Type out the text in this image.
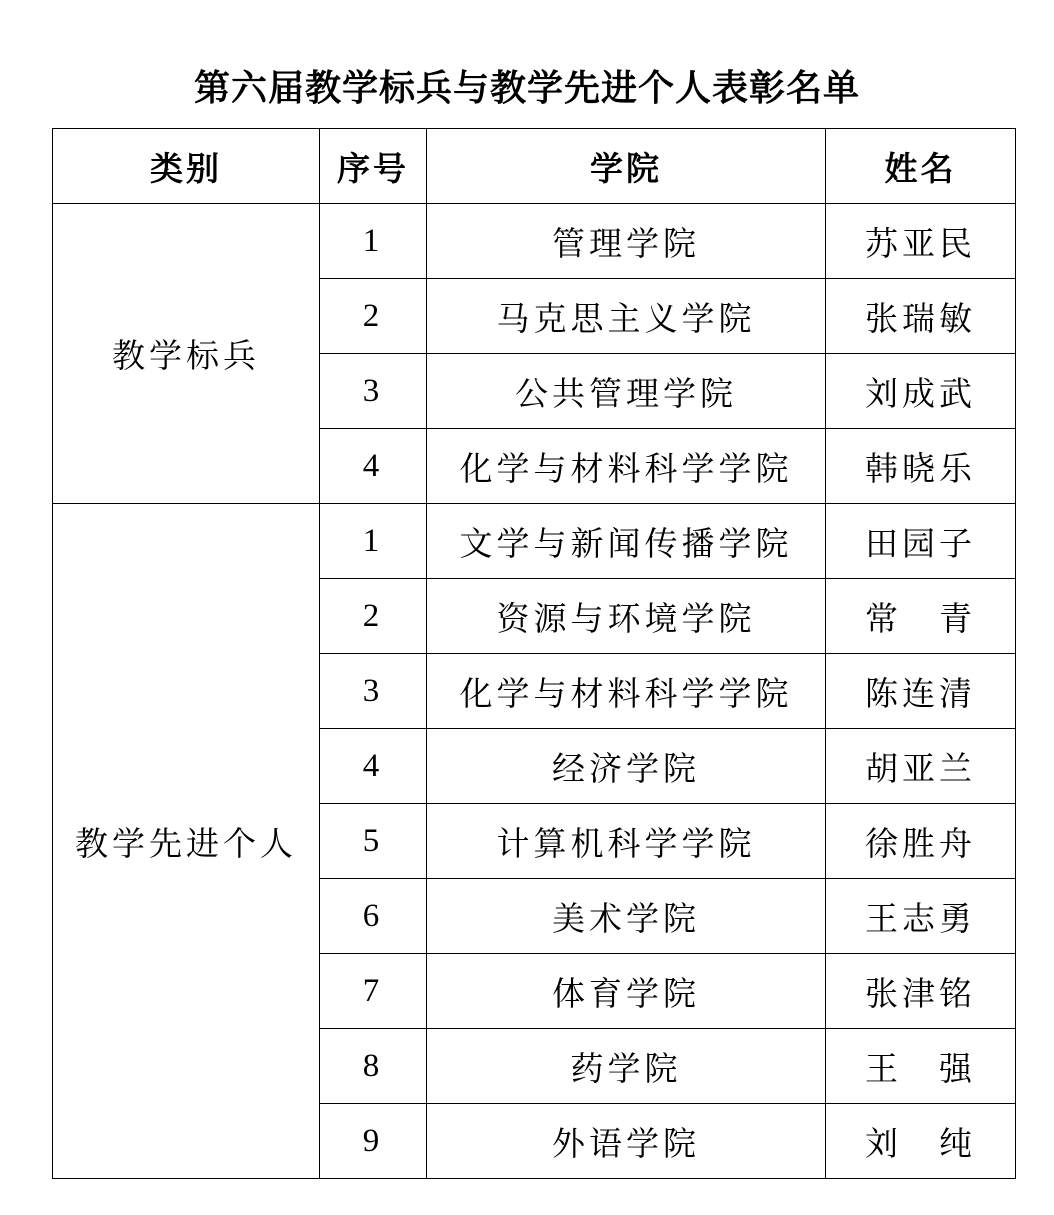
第六届教学标兵与教学先进个人表彰名单
类别	序号	学院	姓名
教学标兵	1	管理学院	苏亚民
	2	马克思主义学院	张瑞敏
	3	公共管理学院	刘成武
	4	化学与材料科学学院	韩晓乐
教学先进个人	1	文学与新闻传播学院	田园子
	2	资源与环境学院	常　青
	3	化学与材料科学学院	陈连清
	4	经济学院	胡亚兰
	5	计算机科学学院	徐胜舟
	6	美术学院	王志勇
	7	体育学院	张津铭
	8	药学院	王　强
	9	外语学院	刘　纯
